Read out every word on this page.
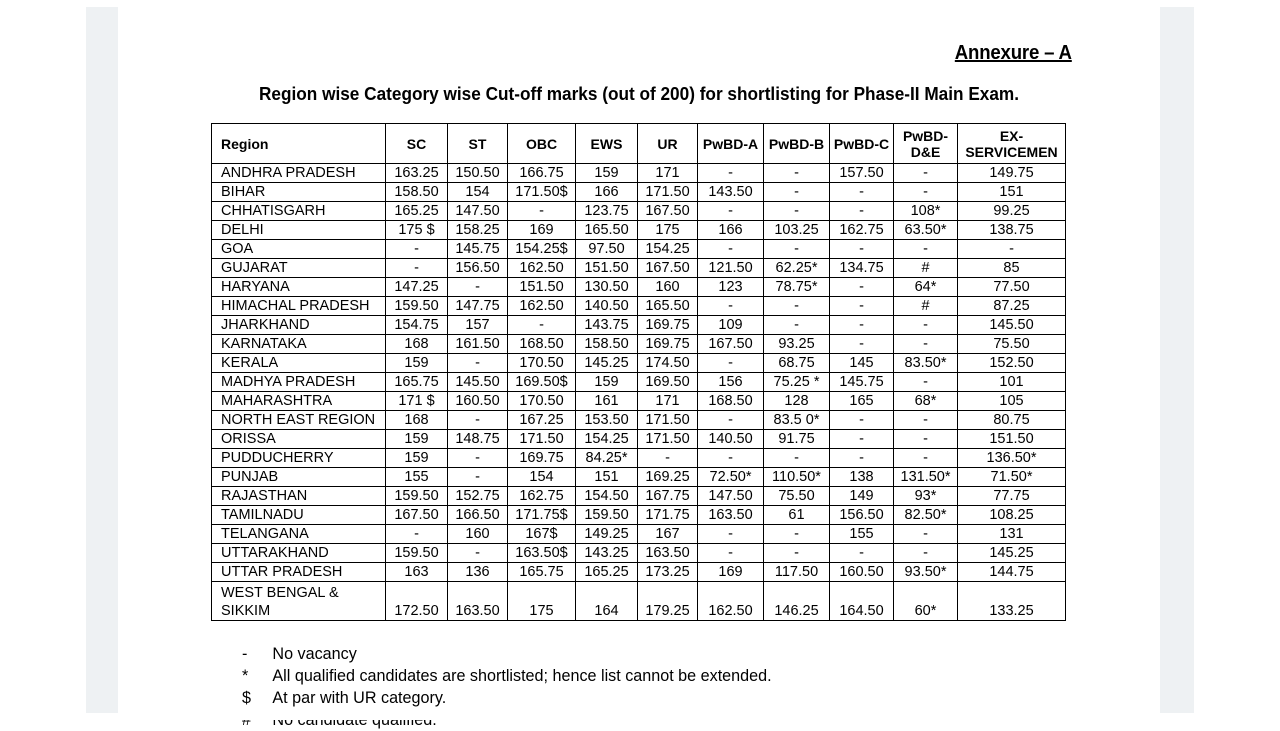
Annexure – A
Region wise Category wise Cut-off marks (out of 200) for shortlisting for Phase-II Main Exam.
Region	SC	ST	OBC	EWS	UR	PwBD-A	PwBD-B	PwBD-C	PwBD-D&E	EX-SERVICEMEN
ANDHRA PRADESH	163.25	150.50	166.75	159	171	-	-	157.50	-	149.75
BIHAR	158.50	154	171.50$	166	171.50	143.50	-	-	-	151
CHHATISGARH	165.25	147.50	-	123.75	167.50	-	-	-	108*	99.25
DELHI	175 $	158.25	169	165.50	175	166	103.25	162.75	63.50*	138.75
GOA	-	145.75	154.25$	97.50	154.25	-	-	-	-	-
GUJARAT	-	156.50	162.50	151.50	167.50	121.50	62.25*	134.75	#	85
HARYANA	147.25	-	151.50	130.50	160	123	78.75*	-	64*	77.50
HIMACHAL PRADESH	159.50	147.75	162.50	140.50	165.50	-	-	-	#	87.25
JHARKHAND	154.75	157	-	143.75	169.75	109	-	-	-	145.50
KARNATAKA	168	161.50	168.50	158.50	169.75	167.50	93.25	-	-	75.50
KERALA	159	-	170.50	145.25	174.50	-	68.75	145	83.50*	152.50
MADHYA PRADESH	165.75	145.50	169.50$	159	169.50	156	75.25 *	145.75	-	101
MAHARASHTRA	171 $	160.50	170.50	161	171	168.50	128	165	68*	105
NORTH EAST REGION	168	-	167.25	153.50	171.50	-	83.5 0*	-	-	80.75
ORISSA	159	148.75	171.50	154.25	171.50	140.50	91.75	-	-	151.50
PUDDUCHERRY	159	-	169.75	84.25*	-	-	-	-	-	136.50*
PUNJAB	155	-	154	151	169.25	72.50*	110.50*	138	131.50*	71.50*
RAJASTHAN	159.50	152.75	162.75	154.50	167.75	147.50	75.50	149	93*	77.75
TAMILNADU	167.50	166.50	171.75$	159.50	171.75	163.50	61	156.50	82.50*	108.25
TELANGANA	-	160	167$	149.25	167	-	-	155	-	131
UTTARAKHAND	159.50	-	163.50$	143.25	163.50	-	-	-	-	145.25
UTTAR PRADESH	163	136	165.75	165.25	173.25	169	117.50	160.50	93.50*	144.75
WEST BENGAL & SIKKIM	172.50	163.50	175	164	179.25	162.50	146.25	164.50	60*	133.25
-	No vacancy
*	All qualified candidates are shortlisted; hence list cannot be extended.
$	At par with UR category.
